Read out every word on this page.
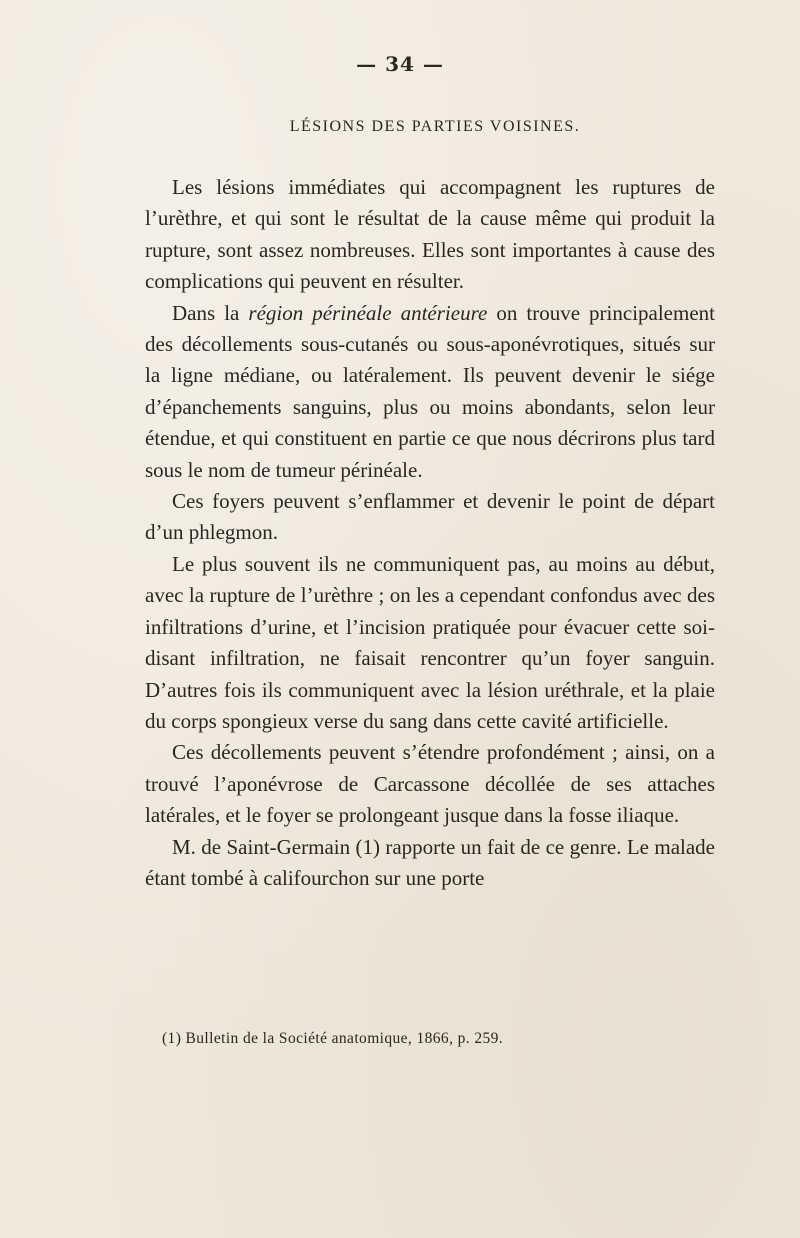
— 34 —
LÉSIONS DES PARTIES VOISINES.

Les lésions immédiates qui accompagnent les ruptures de l’urèthre, et qui sont le résultat de la cause même qui produit la rupture, sont assez nombreuses. Elles sont importantes à cause des complications qui peuvent en résulter.

Dans la région périnéale antérieure on trouve principalement des décollements sous-cutanés ou sous-aponévrotiques, situés sur la ligne médiane, ou latéralement. Ils peuvent devenir le siége d’épanchements sanguins, plus ou moins abondants, selon leur étendue, et qui constituent en partie ce que nous décrirons plus tard sous le nom de tumeur périnéale.

Ces foyers peuvent s’enflammer et devenir le point de départ d’un phlegmon.

Le plus souvent ils ne communiquent pas, au moins au début, avec la rupture de l’urèthre ; on les a cependant confondus avec des infiltrations d’urine, et l’incision pratiquée pour évacuer cette soi-disant infiltration, ne faisait rencontrer qu’un foyer sanguin. D’autres fois ils communiquent avec la lésion uréthrale, et la plaie du corps spongieux verse du sang dans cette cavité artificielle.

Ces décollements peuvent s’étendre profondément ; ainsi, on a trouvé l’aponévrose de Carcassone décollée de ses attaches latérales, et le foyer se prolongeant jusque dans la fosse iliaque.

M. de Saint-Germain (1) rapporte un fait de ce genre. Le malade étant tombé à califourchon sur une porte

(1) Bulletin de la Société anatomique, 1866, p. 259.
